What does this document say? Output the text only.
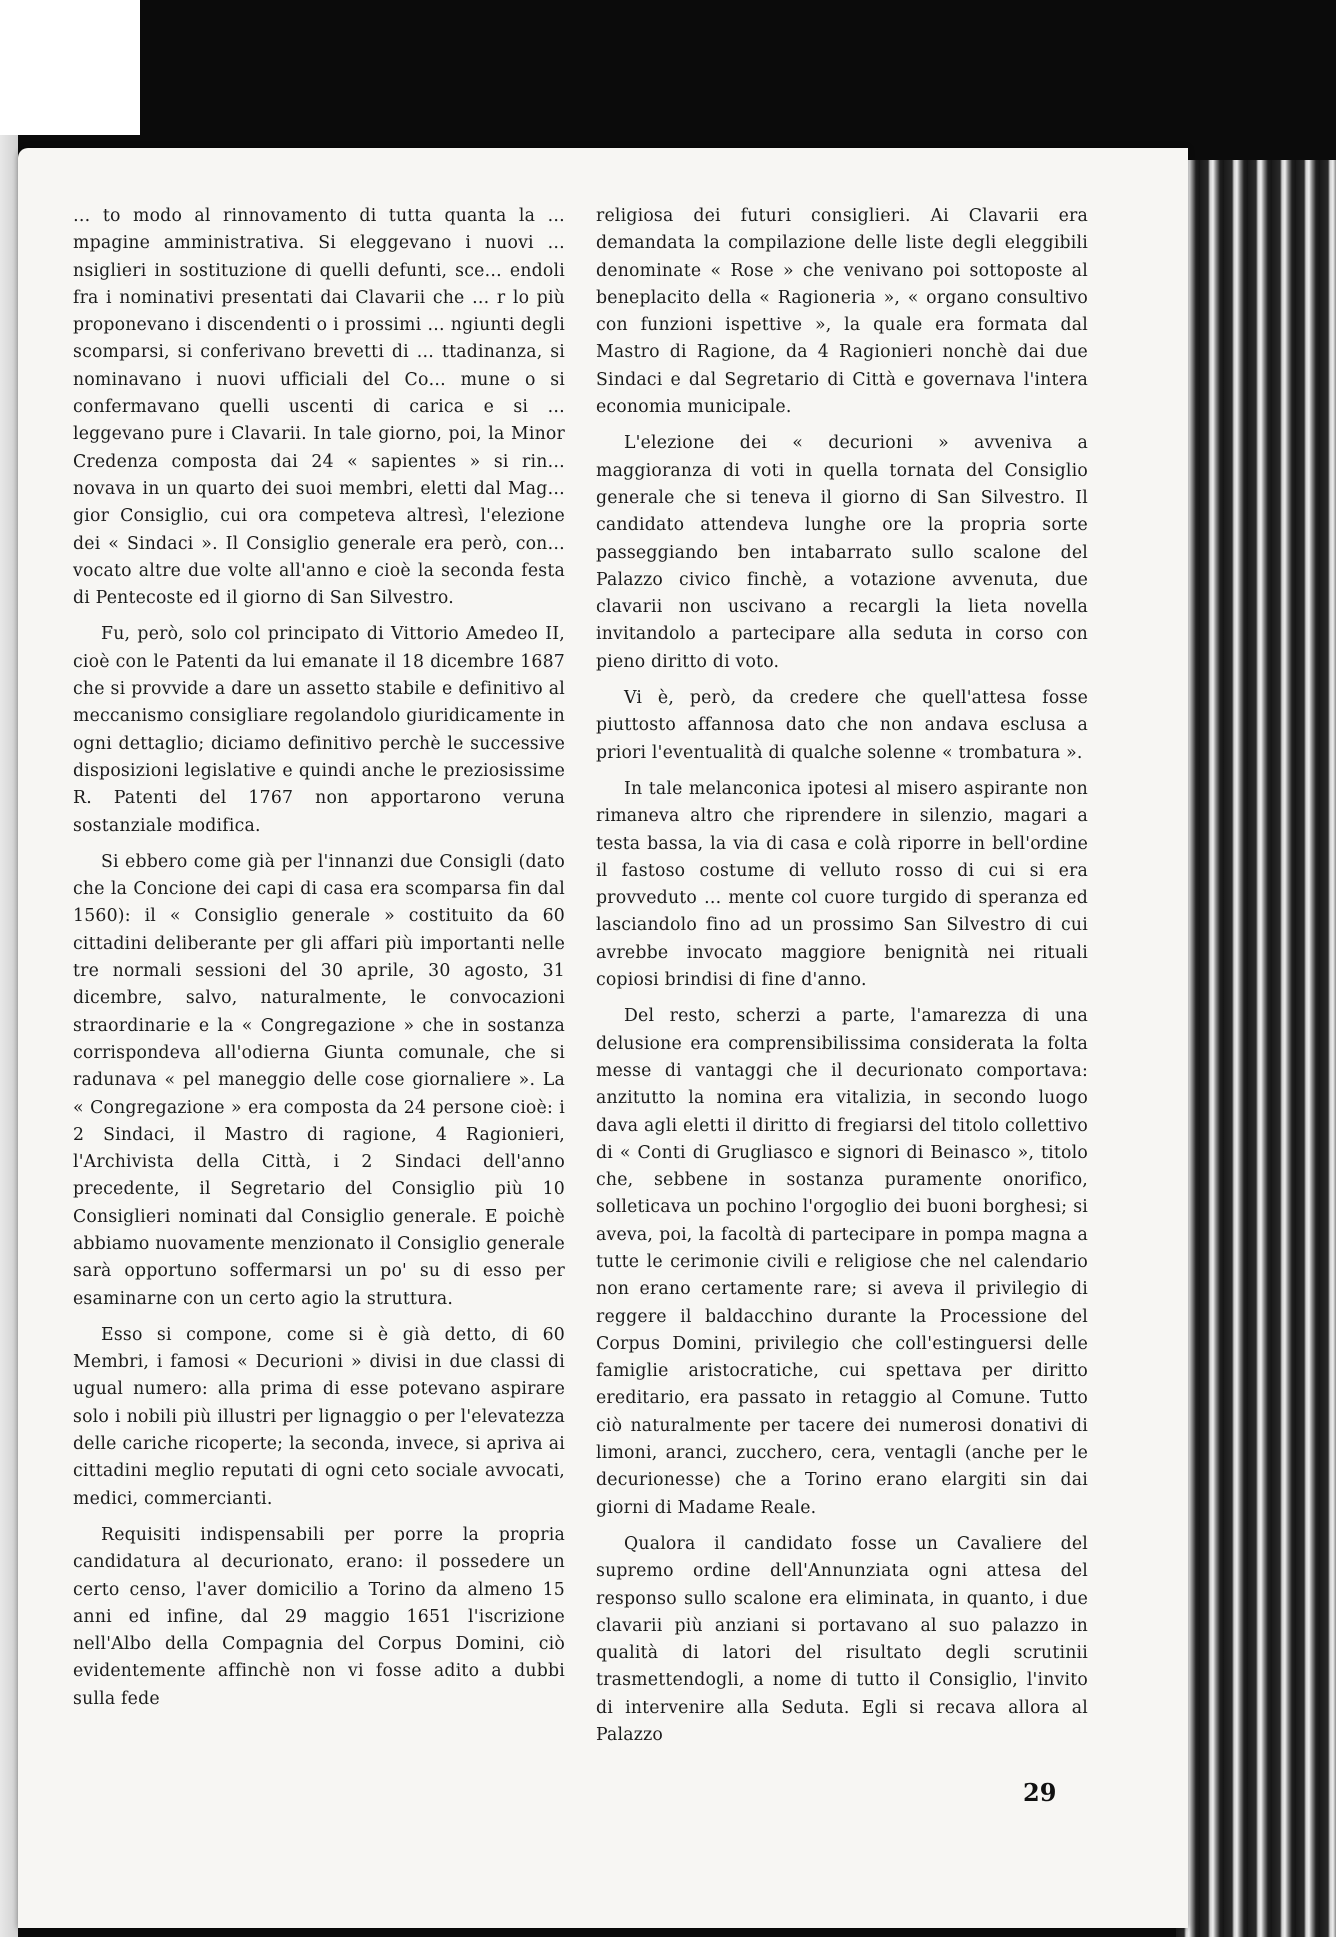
… to modo al rinnovamento di tutta quanta la … mpagine amministrativa. Si eleggevano i nuovi … nsiglieri in sostituzione di quelli defunti, sce… endoli fra i nominativi presentati dai Clavarii che … r lo più proponevano i discendenti o i prossimi … ngiunti degli scomparsi, si conferivano brevetti di … ttadinanza, si nominavano i nuovi ufficiali del Co… mune o si confermavano quelli uscenti di carica e si … leggevano pure i Clavarii. In tale giorno, poi, la Minor Credenza composta dai 24 « sapientes » si rin… novava in un quarto dei suoi membri, eletti dal Mag… gior Consiglio, cui ora competeva altresì, l'elezione dei « Sindaci ». Il Consiglio generale era però, con… vocato altre due volte all'anno e cioè la seconda festa di Pentecoste ed il giorno di San Silvestro.

Fu, però, solo col principato di Vittorio Amedeo II, cioè con le Patenti da lui emanate il 18 dicembre 1687 che si provvide a dare un assetto stabile e definitivo al meccanismo consigliare regolandolo giuridicamente in ogni dettaglio; diciamo definitivo perchè le successive disposizioni legislative e quindi anche le preziosissime R. Patenti del 1767 non apportarono veruna sostanziale modifica.

Si ebbero come già per l'innanzi due Consigli (dato che la Concione dei capi di casa era scomparsa fin dal 1560): il « Consiglio generale » costituito da 60 cittadini deliberante per gli affari più importanti nelle tre normali sessioni del 30 aprile, 30 agosto, 31 dicembre, salvo, naturalmente, le convocazioni straordinarie e la « Congregazione » che in sostanza corrispondeva all'odierna Giunta comunale, che si radunava « pel maneggio delle cose giornaliere ». La « Congregazione » era composta da 24 persone cioè: i 2 Sindaci, il Mastro di ragione, 4 Ragionieri, l'Archivista della Città, i 2 Sindaci dell'anno precedente, il Segretario del Consiglio più 10 Consiglieri nominati dal Consiglio generale. E poichè abbiamo nuovamente menzionato il Consiglio generale sarà opportuno soffermarsi un po' su di esso per esaminarne con un certo agio la struttura.

Esso si compone, come si è già detto, di 60 Membri, i famosi « Decurioni » divisi in due classi di ugual numero: alla prima di esse potevano aspirare solo i nobili più illustri per lignaggio o per l'elevatezza delle cariche ricoperte; la seconda, invece, si apriva ai cittadini meglio reputati di ogni ceto sociale avvocati, medici, commercianti.

Requisiti indispensabili per porre la propria candidatura al decurionato, erano: il possedere un certo censo, l'aver domicilio a Torino da almeno 15 anni ed infine, dal 29 maggio 1651 l'iscrizione nell'Albo della Compagnia del Corpus Domini, ciò evidentemente affinchè non vi fosse adito a dubbi sulla fede

religiosa dei futuri consiglieri. Ai Clavarii era demandata la compilazione delle liste degli eleggibili denominate « Rose » che venivano poi sottoposte al beneplacito della « Ragioneria », « organo consultivo con funzioni ispettive », la quale era formata dal Mastro di Ragione, da 4 Ragionieri nonchè dai due Sindaci e dal Segretario di Città e governava l'intera economia municipale.

L'elezione dei « decurioni » avveniva a maggioranza di voti in quella tornata del Consiglio generale che si teneva il giorno di San Silvestro. Il candidato attendeva lunghe ore la propria sorte passeggiando ben intabarrato sullo scalone del Palazzo civico finchè, a votazione avvenuta, due clavarii non uscivano a recargli la lieta novella invitandolo a partecipare alla seduta in corso con pieno diritto di voto.

Vi è, però, da credere che quell'attesa fosse piuttosto affannosa dato che non andava esclusa a priori l'eventualità di qualche solenne « trombatura ».

In tale melanconica ipotesi al misero aspirante non rimaneva altro che riprendere in silenzio, magari a testa bassa, la via di casa e colà riporre in bell'ordine il fastoso costume di velluto rosso di cui si era provveduto … mente col cuore turgido di speranza ed lasciandolo fino ad un prossimo San Silvestro di cui avrebbe invocato maggiore benignità nei rituali copiosi brindisi di fine d'anno.

Del resto, scherzi a parte, l'amarezza di una delusione era comprensibilissima considerata la folta messe di vantaggi che il decurionato comportava: anzitutto la nomina era vitalizia, in secondo luogo dava agli eletti il diritto di fregiarsi del titolo collettivo di « Conti di Grugliasco e signori di Beinasco », titolo che, sebbene in sostanza puramente onorifico, solleticava un pochino l'orgoglio dei buoni borghesi; si aveva, poi, la facoltà di partecipare in pompa magna a tutte le cerimonie civili e religiose che nel calendario non erano certamente rare; si aveva il privilegio di reggere il baldacchino durante la Processione del Corpus Domini, privilegio che coll'estinguersi delle famiglie aristocratiche, cui spettava per diritto ereditario, era passato in retaggio al Comune. Tutto ciò naturalmente per tacere dei numerosi donativi di limoni, aranci, zucchero, cera, ventagli (anche per le decurionesse) che a Torino erano elargiti sin dai giorni di Madame Reale.

Qualora il candidato fosse un Cavaliere del supremo ordine dell'Annunziata ogni attesa del responso sullo scalone era eliminata, in quanto, i due clavarii più anziani si portavano al suo palazzo in qualità di latori del risultato degli scrutinii trasmettendogli, a nome di tutto il Consiglio, l'invito di intervenire alla Seduta. Egli si recava allora al Palazzo

29
